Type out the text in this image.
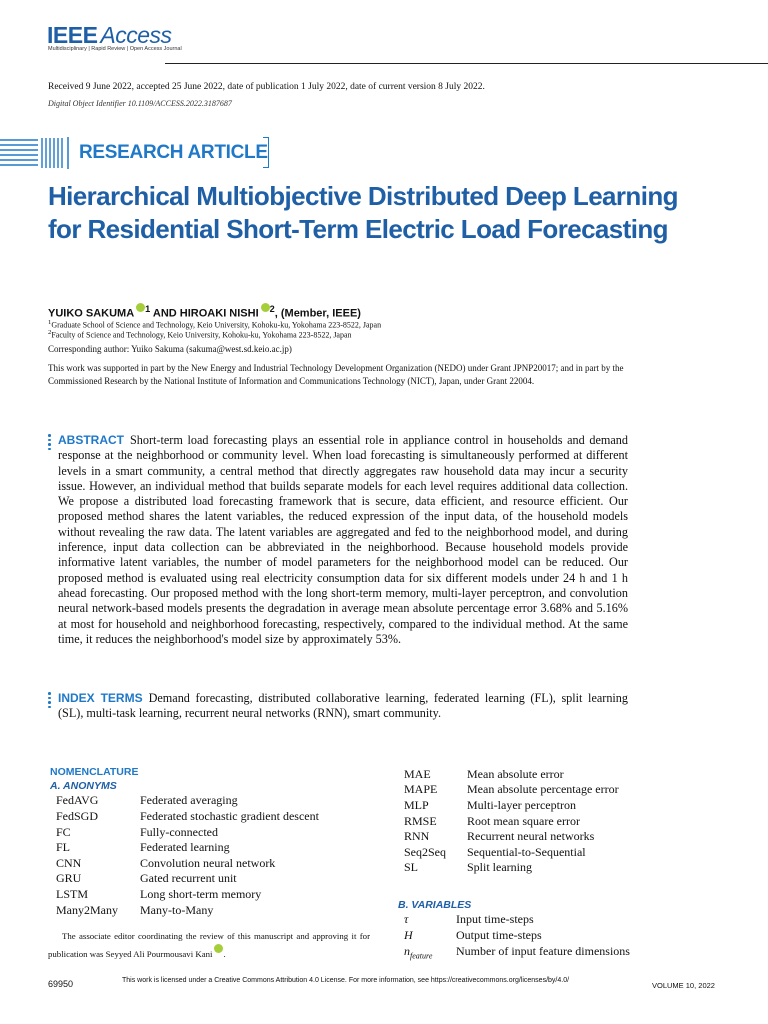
IEEE Access
Multidisciplinary | Rapid Review | Open Access Journal
Received 9 June 2022, accepted 25 June 2022, date of publication 1 July 2022, date of current version 8 July 2022.
Digital Object Identifier 10.1109/ACCESS.2022.3187687
RESEARCH ARTICLE
Hierarchical Multiobjective Distributed Deep Learning for Residential Short-Term Electric Load Forecasting
YUIKO SAKUMA $^1$ AND HIROAKI NISHI $^2$, (Member, IEEE)
$^1$Graduate School of Science and Technology, Keio University, Kohoku-ku, Yokohama 223-8522, Japan
$^2$Faculty of Science and Technology, Keio University, Kohoku-ku, Yokohama 223-8522, Japan
Corresponding author: Yuiko Sakuma (sakuma@west.sd.keio.ac.jp)
This work was supported in part by the New Energy and Industrial Technology Development Organization (NEDO) under Grant JPNP20017; and in part by the Commissioned Research by the National Institute of Information and Communications Technology (NICT), Japan, under Grant 22004.
ABSTRACT Short-term load forecasting plays an essential role in appliance control in households and demand response at the neighborhood or community level. When load forecasting is simultaneously performed at different levels in a smart community, a central method that directly aggregates raw household data may incur a security issue. However, an individual method that builds separate models for each level requires additional data collection. We propose a distributed load forecasting framework that is secure, data efficient, and resource efficient. Our proposed method shares the latent variables, the reduced expression of the input data, of the household models without revealing the raw data. The latent variables are aggregated and fed to the neighborhood model, and during inference, input data collection can be abbreviated in the neighborhood. Because household models provide informative latent variables, the number of model parameters for the neighborhood model can be reduced. Our proposed method is evaluated using real electricity consumption data for six different models under 24 h and 1 h ahead forecasting. Our proposed method with the long short-term memory, multi-layer perceptron, and convolution neural network-based models presents the degradation in average mean absolute percentage error 3.68% and 5.16% at most for household and neighborhood forecasting, respectively, compared to the individual method. At the same time, it reduces the neighborhood's model size by approximately 53%.
INDEX TERMS Demand forecasting, distributed collaborative learning, federated learning (FL), split learning (SL), multi-task learning, recurrent neural networks (RNN), smart community.
NOMENCLATURE
A. ANONYMS
FedAVG	Federated averaging
FedSGD	Federated stochastic gradient descent
FC	Fully-connected
FL	Federated learning
CNN	Convolution neural network
GRU	Gated recurrent unit
LSTM	Long short-term memory
Many2Many Many-to-Many
MAE	Mean absolute error
MAPE Mean absolute percentage error
MLP	Multi-layer perceptron
RMSE	Root mean square error
RNN	Recurrent neural networks
Seq2Seq Sequential-to-Sequential
SL	Split learning
B. VARIABLES
τ	Input time-steps
H	Output time-steps
$n_{feature}$ Number of input feature dimensions
The associate editor coordinating the review of this manuscript and approving it for publication was Seyyed Ali Pourmousavi Kani .
69950	This work is licensed under a Creative Commons Attribution 4.0 License. For more information, see https://creativecommons.org/licenses/by/4.0/
VOLUME 10, 2022
